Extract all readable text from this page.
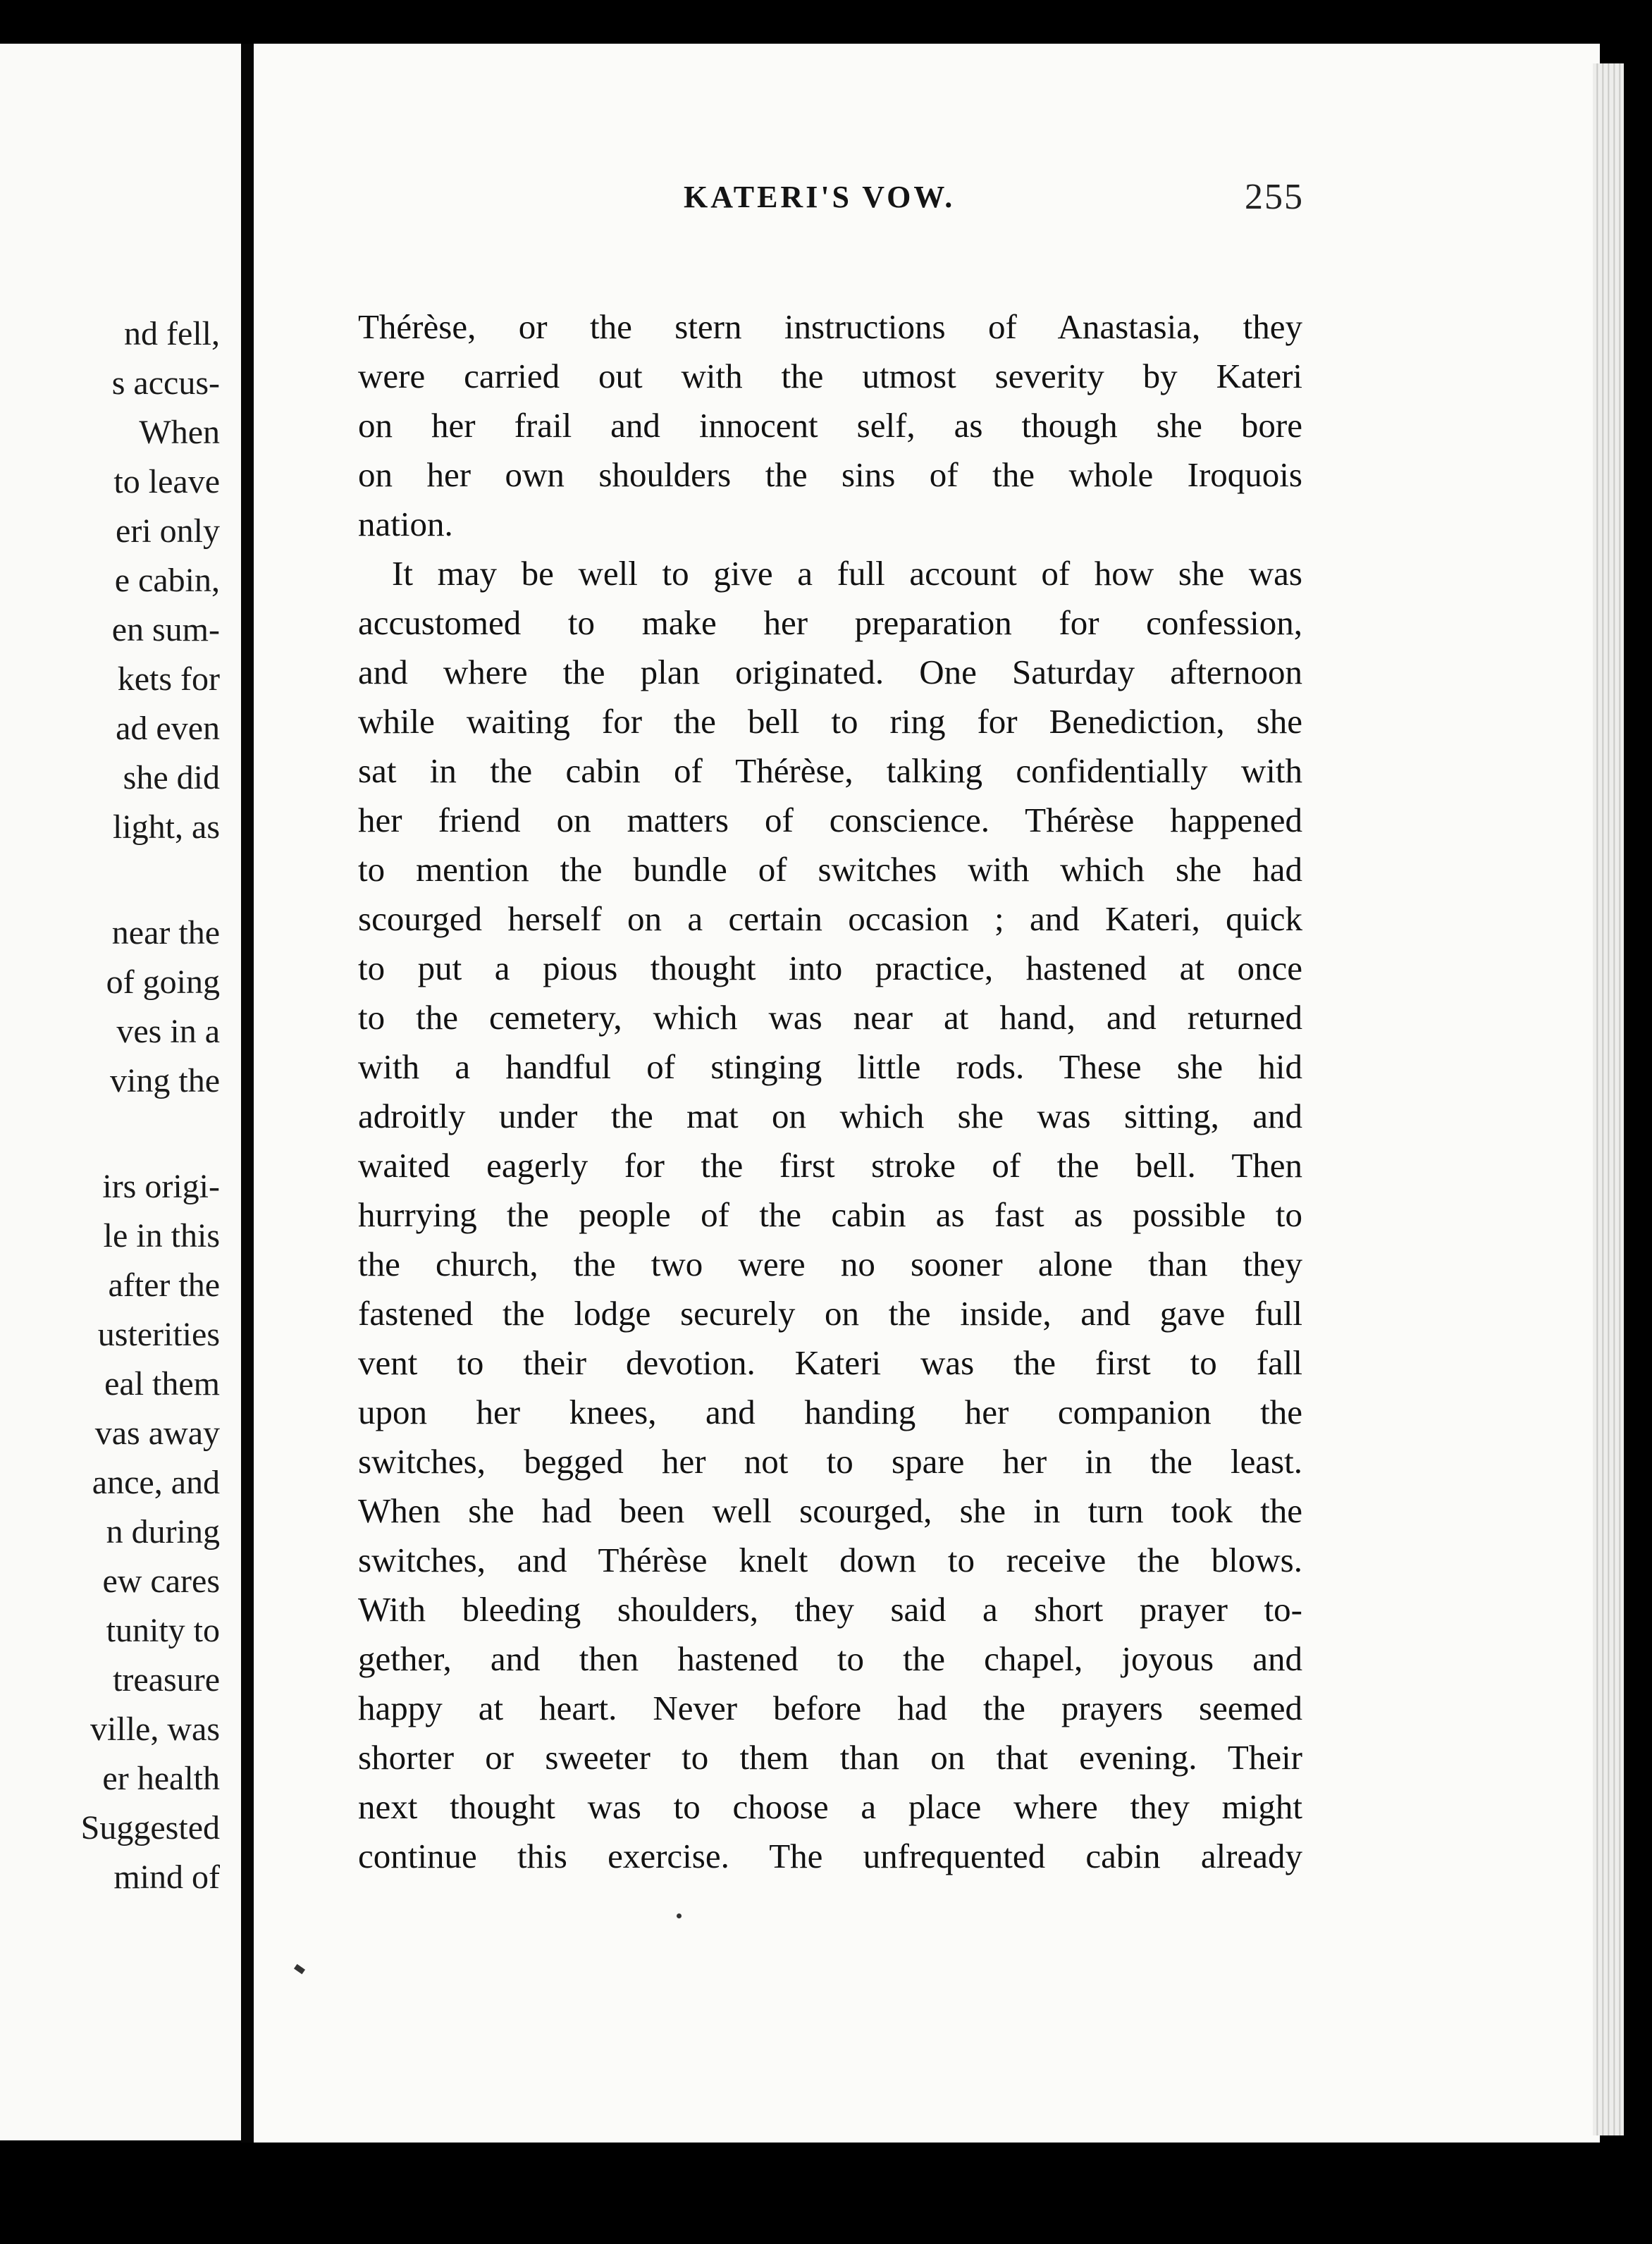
nd fell,
s accus-
When
to leave
eri only
e cabin,
en sum-
kets for
ad even
she did
light, as
near the
of going
ves in a
ving the
irs origi-
le in this
after the
usterities
eal them
vas away
ance, and
n during
ew cares
tunity to
treasure
ville, was
er health
Suggested
mind of
KATERI'S VOW.	255
Thérèse, or the stern instructions of Anastasia, they
were carried out with the utmost severity by Kateri
on her frail and innocent self, as though she bore
on her own shoulders the sins of the whole Iroquois
nation.
It may be well to give a full account of how she was
accustomed to make her preparation for confession,
and where the plan originated. One Saturday afternoon
while waiting for the bell to ring for Benediction, she
sat in the cabin of Thérèse, talking confidentially with
her friend on matters of conscience. Thérèse happened
to mention the bundle of switches with which she had
scourged herself on a certain occasion ; and Kateri, quick
to put a pious thought into practice, hastened at once
to the cemetery, which was near at hand, and returned
with a handful of stinging little rods. These she hid
adroitly under the mat on which she was sitting, and
waited eagerly for the first stroke of the bell. Then
hurrying the people of the cabin as fast as possible to
the church, the two were no sooner alone than they
fastened the lodge securely on the inside, and gave full
vent to their devotion. Kateri was the first to fall
upon her knees, and handing her companion the
switches, begged her not to spare her in the least.
When she had been well scourged, she in turn took the
switches, and Thérèse knelt down to receive the blows.
With bleeding shoulders, they said a short prayer to-
gether, and then hastened to the chapel, joyous and
happy at heart. Never before had the prayers seemed
shorter or sweeter to them than on that evening. Their
next thought was to choose a place where they might
continue this exercise. The unfrequented cabin already
